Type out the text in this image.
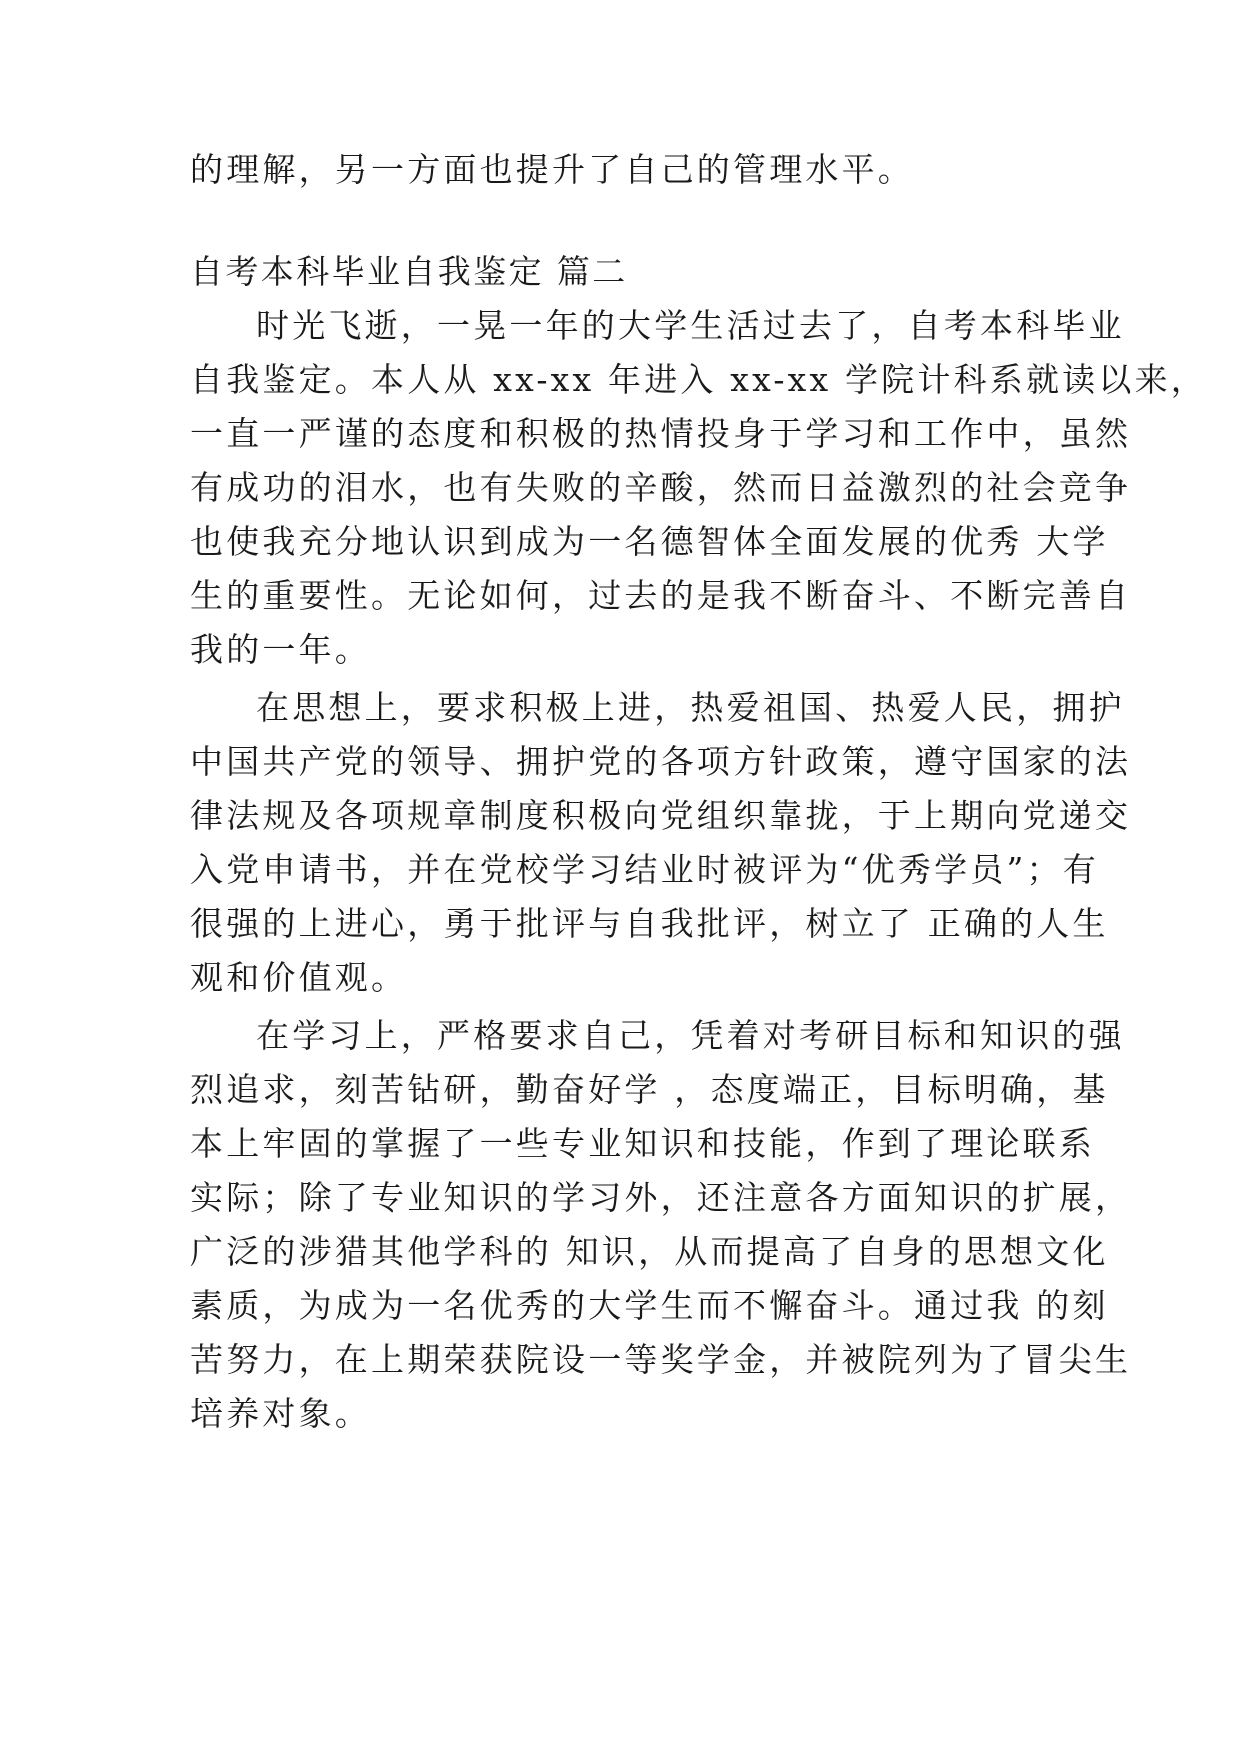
的理解，另一方面也提升了自己的管理水平。
自考本科毕业自我鉴定 篇二
时光飞逝，一晃一年的大学生活过去了，自考本科毕业
自我鉴定。本人从 xx-xx 年进入 xx-xx 学院计科系就读以来，
一直一严谨的态度和积极的热情投身于学习和工作中，虽然
有成功的泪水，也有失败的辛酸，然而日益激烈的社会竞争
也使我充分地认识到成为一名德智体全面发展的优秀 大学
生的重要性。无论如何，过去的是我不断奋斗、不断完善自
我的一年。
在思想上，要求积极上进，热爱祖国、热爱人民，拥护
中国共产党的领导、拥护党的各项方针政策，遵守国家的法
律法规及各项规章制度积极向党组织靠拢，于上期向党递交
入党申请书，并在党校学习结业时被评为“优秀学员”；有
很强的上进心，勇于批评与自我批评，树立了 正确的人生
观和价值观。
在学习上，严格要求自己，凭着对考研目标和知识的强
烈追求，刻苦钻研，勤奋好学 ，态度端正，目标明确，基
本上牢固的掌握了一些专业知识和技能，作到了理论联系
实际；除了专业知识的学习外，还注意各方面知识的扩展，
广泛的涉猎其他学科的 知识，从而提高了自身的思想文化
素质，为成为一名优秀的大学生而不懈奋斗。通过我 的刻
苦努力，在上期荣获院设一等奖学金，并被院列为了冒尖生
培养对象。
